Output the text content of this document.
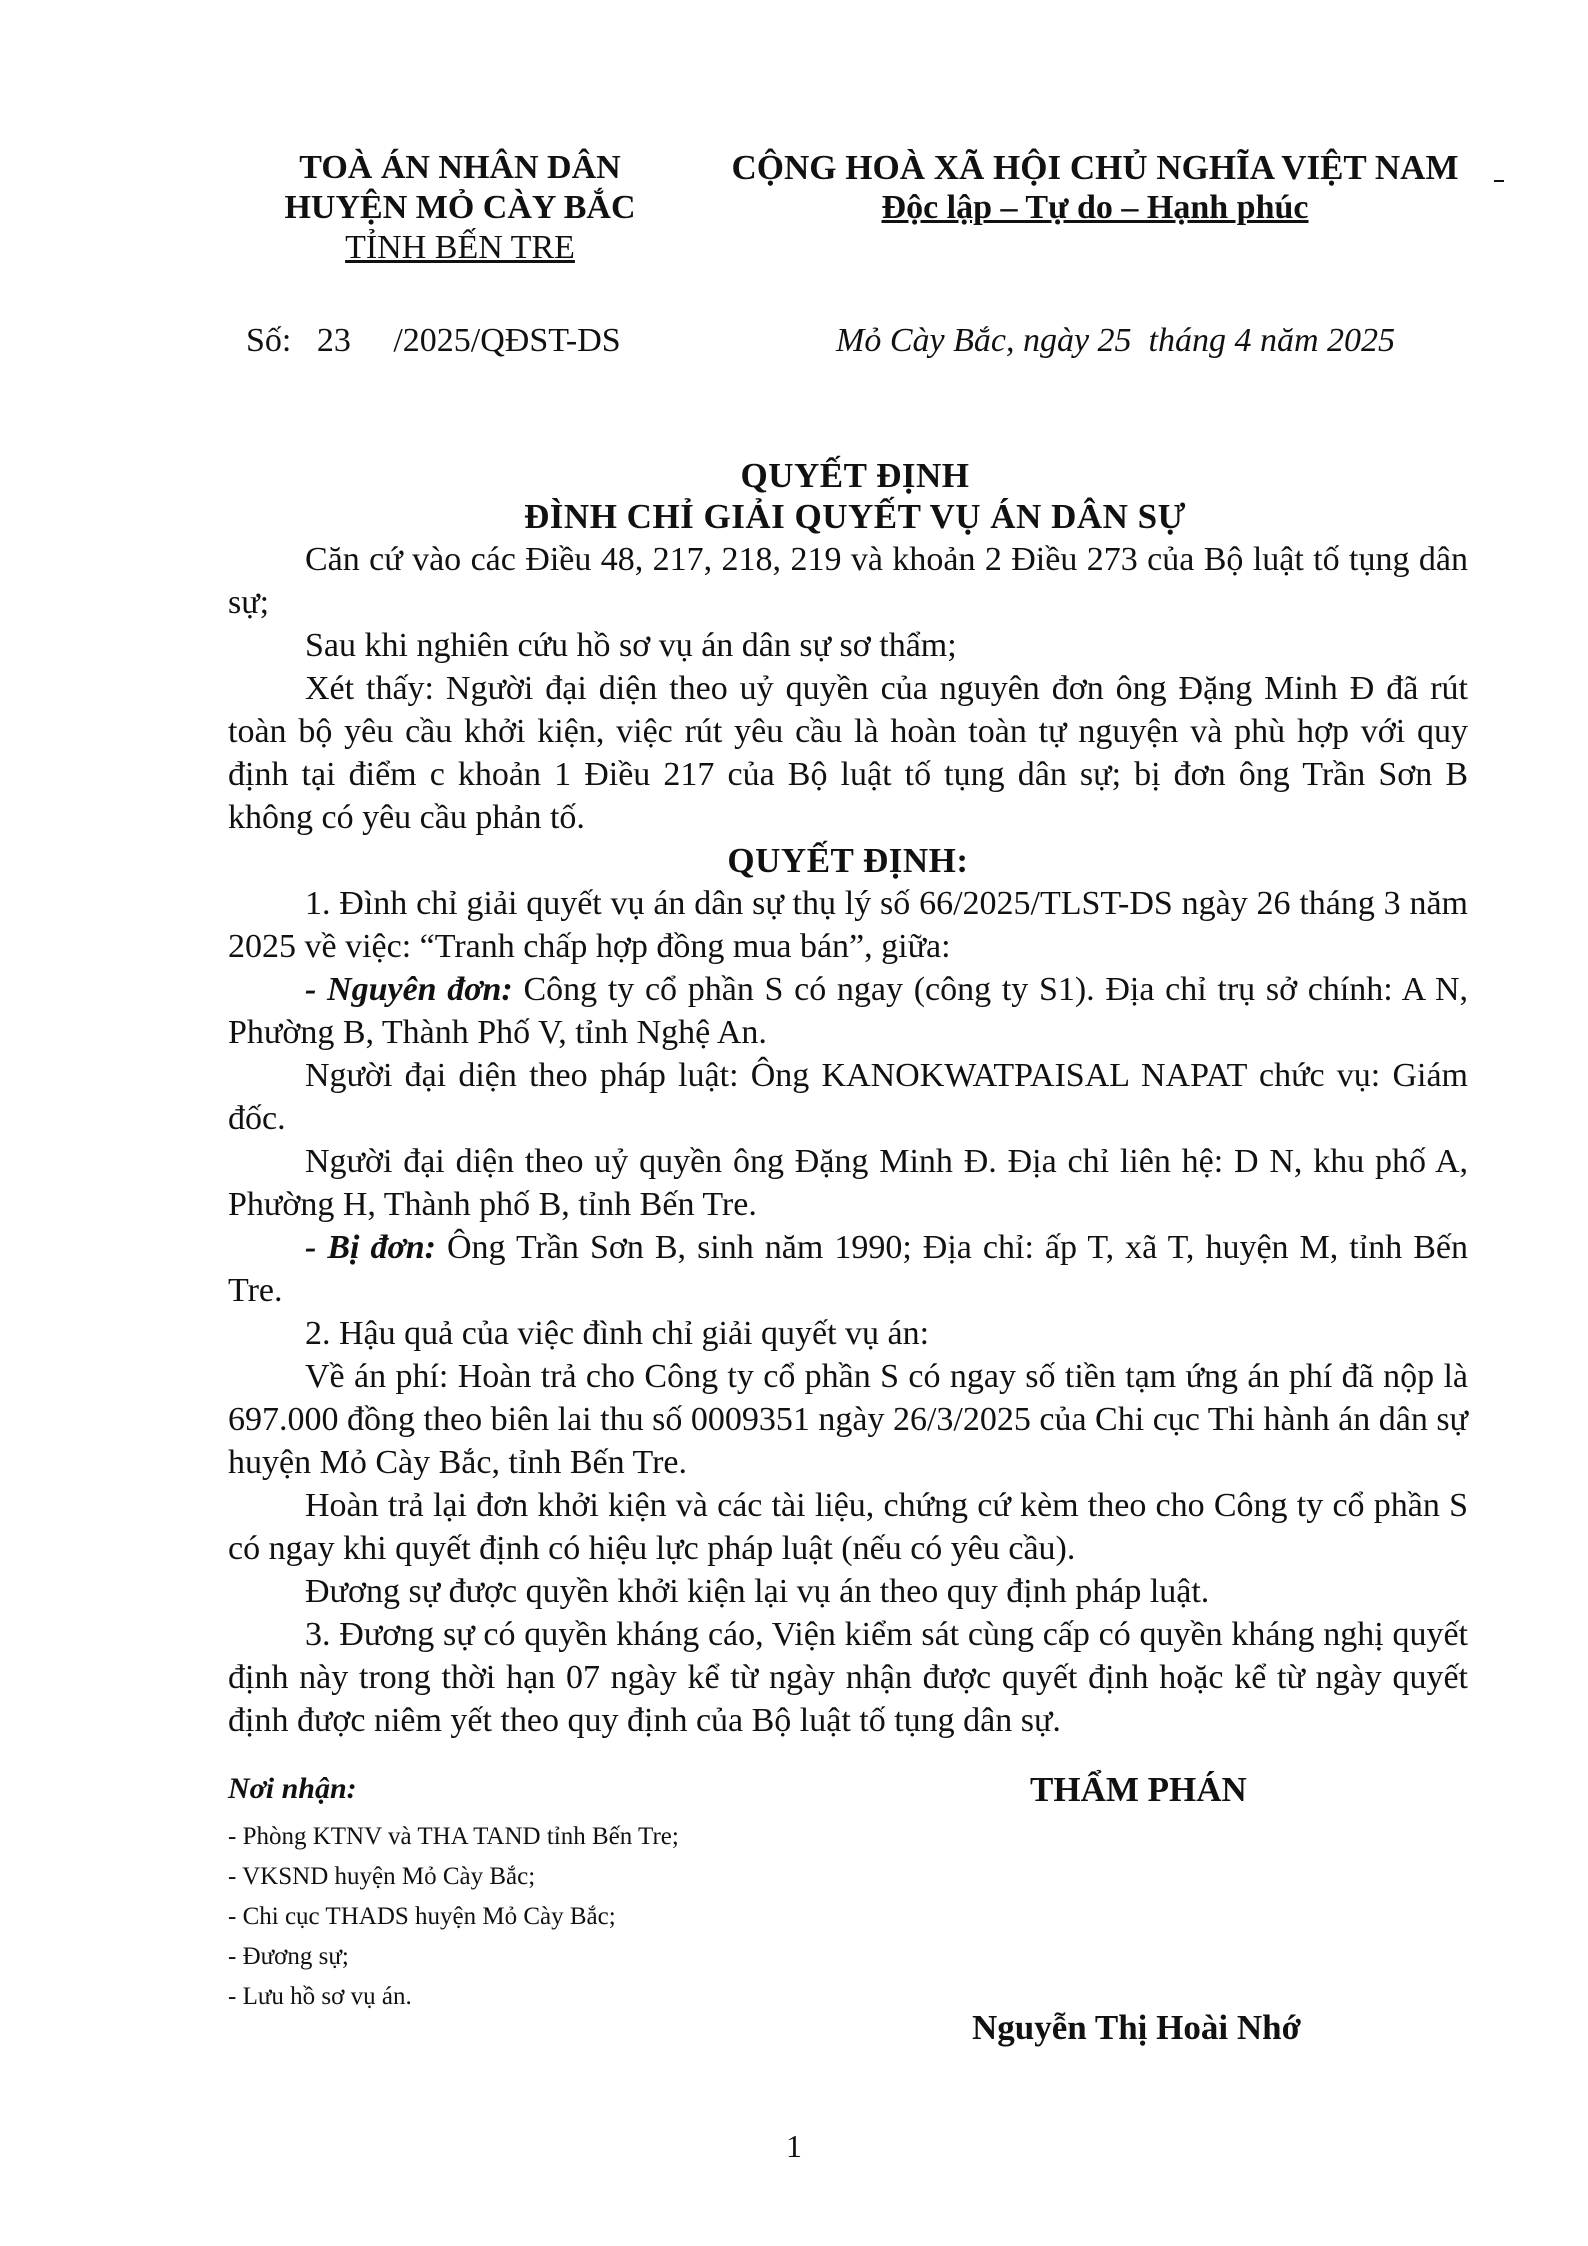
TOÀ ÁN NHÂN DÂN
HUYỆN MỎ CÀY BẮC
TỈNH BẾN TRE
CỘNG HOÀ XÃ HỘI CHỦ NGHĨA VIỆT NAM
Độc lập – Tự do – Hạnh phúc
Số:   23     /2025/QĐST-DS	Mỏ Cày Bắc, ngày 25  tháng 4 năm 2025
QUYẾT ĐỊNH
ĐÌNH CHỈ GIẢI QUYẾT VỤ ÁN DÂN SỰ

Căn cứ vào các Điều 48, 217, 218, 219 và khoản 2 Điều 273 của Bộ luật tố tụng dân sự;

Sau khi nghiên cứu hồ sơ vụ án dân sự sơ thẩm;

Xét thấy: Người đại diện theo uỷ quyền của nguyên đơn ông Đặng Minh Đ đã rút toàn bộ yêu cầu khởi kiện, việc rút yêu cầu là hoàn toàn tự nguyện và phù hợp với quy định tại điểm c khoản 1 Điều 217 của Bộ luật tố tụng dân sự; bị đơn ông Trần Sơn B không có yêu cầu phản tố.

QUYẾT ĐỊNH:

1. Đình chỉ giải quyết vụ án dân sự thụ lý số 66/2025/TLST-DS ngày 26 tháng 3 năm 2025 về việc: “Tranh chấp hợp đồng mua bán”, giữa:

- Nguyên đơn: Công ty cổ phần S có ngay (công ty S1). Địa chỉ trụ sở chính: A N, Phường B, Thành Phố V, tỉnh Nghệ An.

Người đại diện theo pháp luật: Ông KANOKWATPAISAL NAPAT chức vụ: Giám đốc.

Người đại diện theo uỷ quyền ông Đặng Minh Đ. Địa chỉ liên hệ: D N, khu phố A, Phường H, Thành phố B, tỉnh Bến Tre.

- Bị đơn: Ông Trần Sơn B, sinh năm 1990; Địa chỉ: ấp T, xã T, huyện M, tỉnh Bến Tre.

2. Hậu quả của việc đình chỉ giải quyết vụ án:

Về án phí: Hoàn trả cho Công ty cổ phần S có ngay số tiền tạm ứng án phí đã nộp là 697.000 đồng theo biên lai thu số 0009351 ngày 26/3/2025 của Chi cục Thi hành án dân sự huyện Mỏ Cày Bắc, tỉnh Bến Tre.

Hoàn trả lại đơn khởi kiện và các tài liệu, chứng cứ kèm theo cho Công ty cổ phần S có ngay khi quyết định có hiệu lực pháp luật (nếu có yêu cầu).

Đương sự được quyền khởi kiện lại vụ án theo quy định pháp luật.

3. Đương sự có quyền kháng cáo, Viện kiểm sát cùng cấp có quyền kháng nghị quyết định này trong thời hạn 07 ngày kể từ ngày nhận được quyết định hoặc kể từ ngày quyết định được niêm yết theo quy định của Bộ luật tố tụng dân sự.

Nơi nhận:
- Phòng KTNV và THA TAND tỉnh Bến Tre;
- VKSND huyện Mỏ Cày Bắc;
- Chi cục THADS huyện Mỏ Cày Bắc;
- Đương sự;
- Lưu hồ sơ vụ án.
THẨM PHÁN
Nguyễn Thị Hoài Nhớ
1
